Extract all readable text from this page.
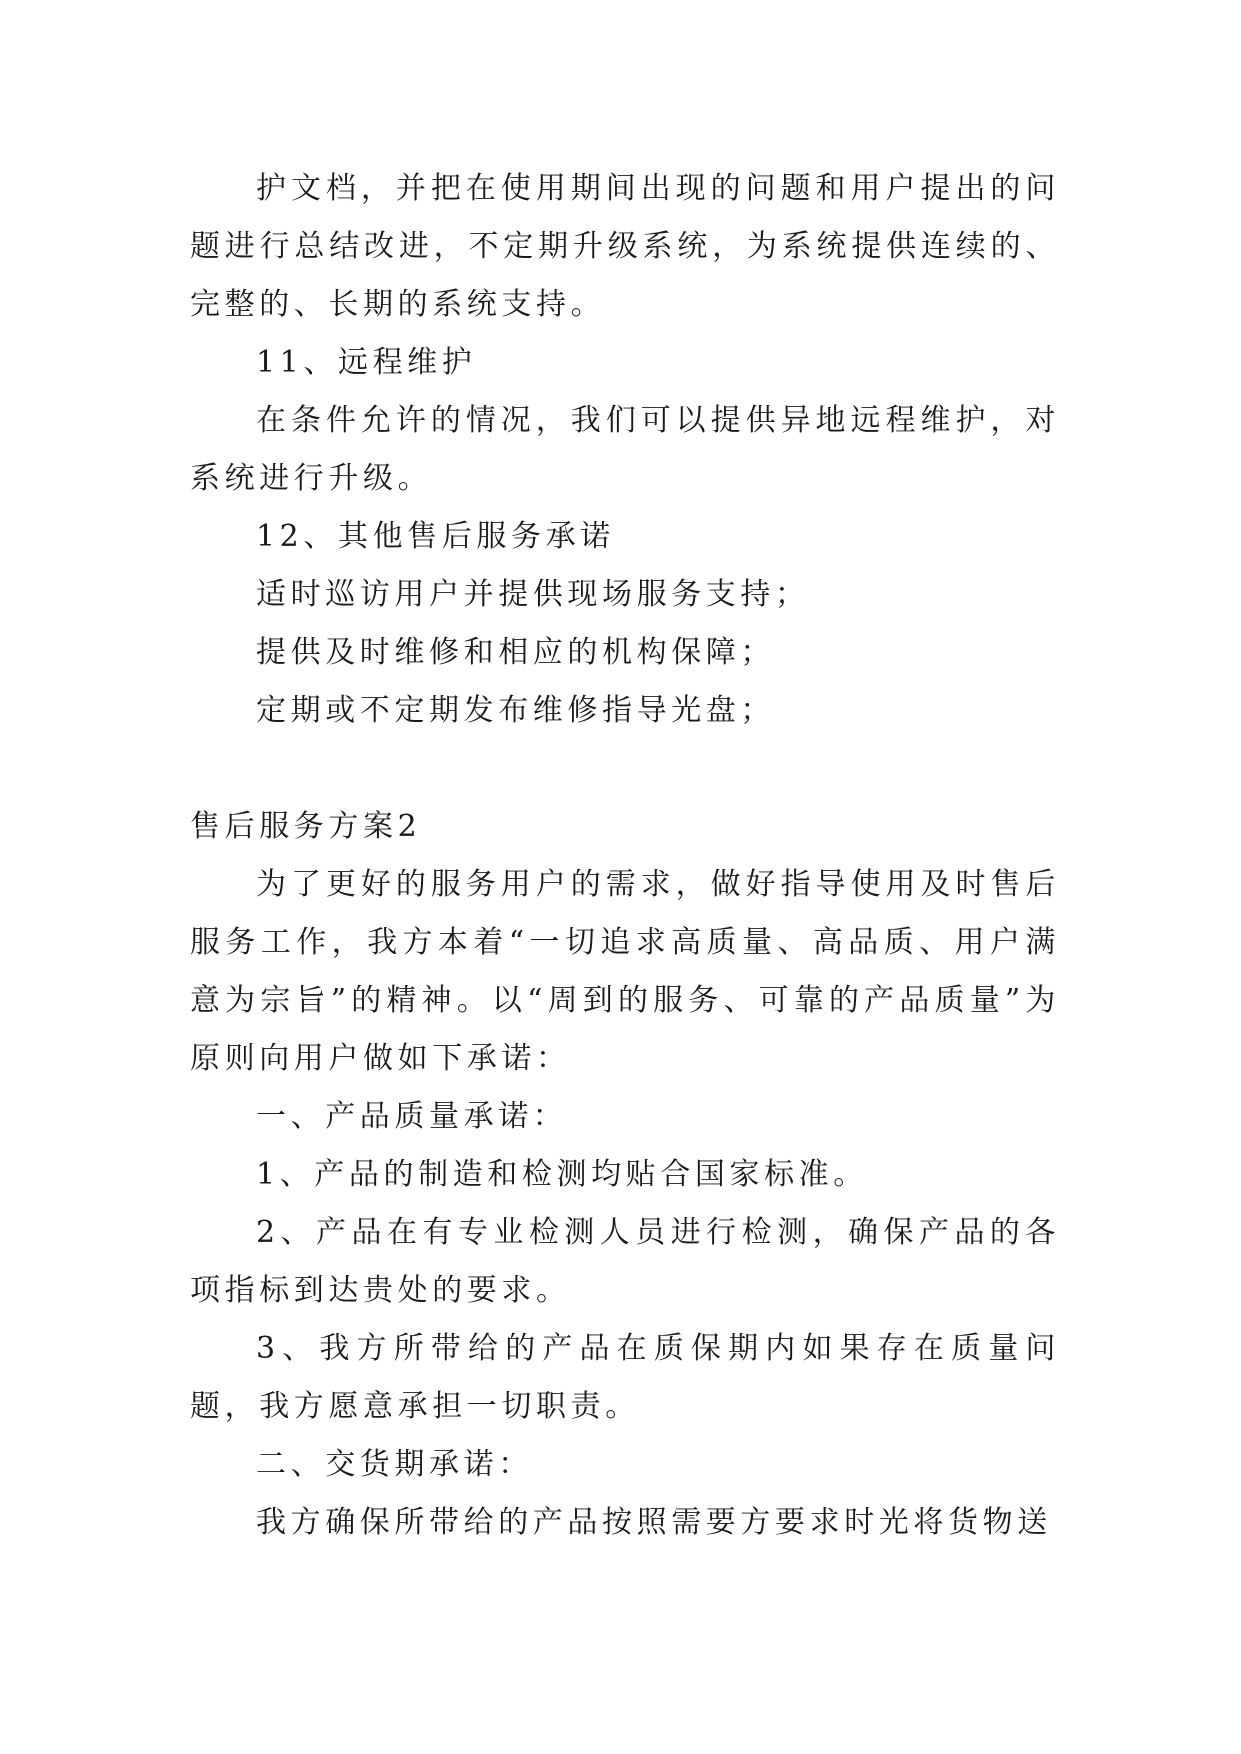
护文档，并把在使用期间出现的问题和用户提出的问题进行总结改进，不定期升级系统，为系统提供连续的、完整的、长期的系统支持。

11、远程维护

在条件允许的情况，我们可以提供异地远程维护，对系统进行升级。

12、其他售后服务承诺

适时巡访用户并提供现场服务支持；

提供及时维修和相应的机构保障；

定期或不定期发布维修指导光盘；

售后服务方案2

为了更好的服务用户的需求，做好指导使用及时售后服务工作，我方本着“一切追求高质量、高品质、用户满意为宗旨”的精神。以“周到的服务、可靠的产品质量”为原则向用户做如下承诺：

一、产品质量承诺：

1、产品的制造和检测均贴合国家标准。

2、产品在有专业检测人员进行检测，确保产品的各项指标到达贵处的要求。

3、我方所带给的产品在质保期内如果存在质量问题，我方愿意承担一切职责。

二、交货期承诺：

我方确保所带给的产品按照需要方要求时光将货物送
